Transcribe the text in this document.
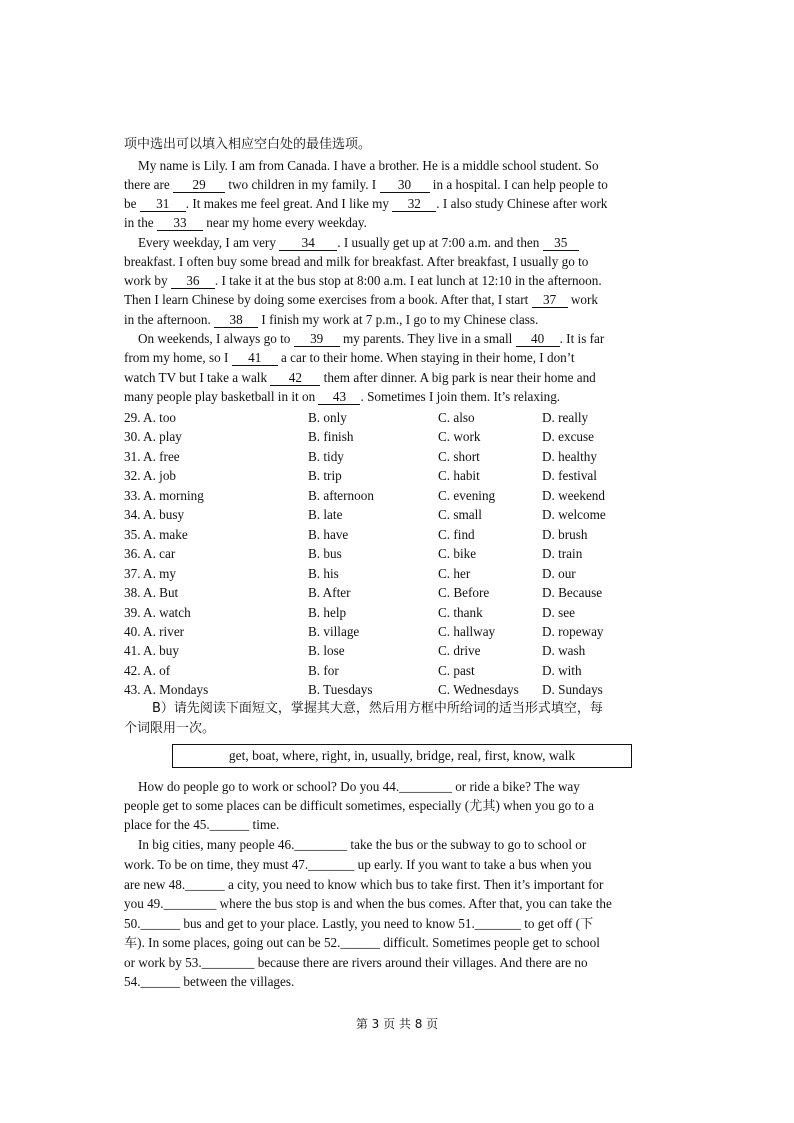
项中选出可以填入相应空白处的最佳选项。
My name is Lily. I am from Canada. I have a brother. He is a middle school student. So
there are 29 two children in my family. I 30 in a hospital. I can help people to
be 31 . It makes me feel great. And I like my 32 . I also study Chinese after work
in the 33 near my home every weekday.
Every weekday, I am very 34 . I usually get up at 7:00 a.m. and then 35
breakfast. I often buy some bread and milk for breakfast. After breakfast, I usually go to
work by 36 . I take it at the bus stop at 8:00 a.m. I eat lunch at 12:10 in the afternoon.
Then I learn Chinese by doing some exercises from a book. After that, I start 37 work
in the afternoon. 38 I finish my work at 7 p.m., I go to my Chinese class.
On weekends, I always go to 39 my parents. They live in a small 40 . It is far
from my home, so I 41 a car to their home. When staying in their home, I don’t
watch TV but I take a walk 42 them after dinner. A big park is near their home and
many people play basketball in it on 43 . Sometimes I join them. It’s relaxing.
29. A. too	B. only	C. also	D. really
30. A. play	B. finish	C. work	D. excuse
31. A. free	B. tidy	C. short	D. healthy
32. A. job	B. trip	C. habit	D. festival
33. A. morning	B. afternoon	C. evening	D. weekend
34. A. busy	B. late	C. small	D. welcome
35. A. make	B. have	C. find	D. brush
36. A. car	B. bus	C. bike	D. train
37. A. my	B. his	C. her	D. our
38. A. But	B. After	C. Before	D. Because
39. A. watch	B. help	C. thank	D. see
40. A. river	B. village	C. hallway	D. ropeway
41. A. buy	B. lose	C. drive	D. wash
42. A. of	B. for	C. past	D. with
43. A. Mondays	B. Tuesdays	C. Wednesdays D. Sundays
B）请先阅读下面短文，掌握其大意，然后用方框中所给词的适当形式填空，每
个词限用一次。
get, boat, where, right, in, usually, bridge, real, first, know, walk
How do people go to work or school? Do you 44.________ or ride a bike? The way
people get to some places can be difficult sometimes, especially (尤其) when you go to a
place for the 45.______ time.
In big cities, many people 46.________ take the bus or the subway to go to school or
work. To be on time, they must 47._______ up early. If you want to take a bus when you
are new 48.______ a city, you need to know which bus to take first. Then it’s important for
you 49.________ where the bus stop is and when the bus comes. After that, you can take the
50.______ bus and get to your place. Lastly, you need to know 51._______ to get off (下
车). In some places, going out can be 52.______ difficult. Sometimes people get to school
or work by 53.________ because there are rivers around their villages. And there are no
54.______ between the villages.
第 3 页 共 8 页
